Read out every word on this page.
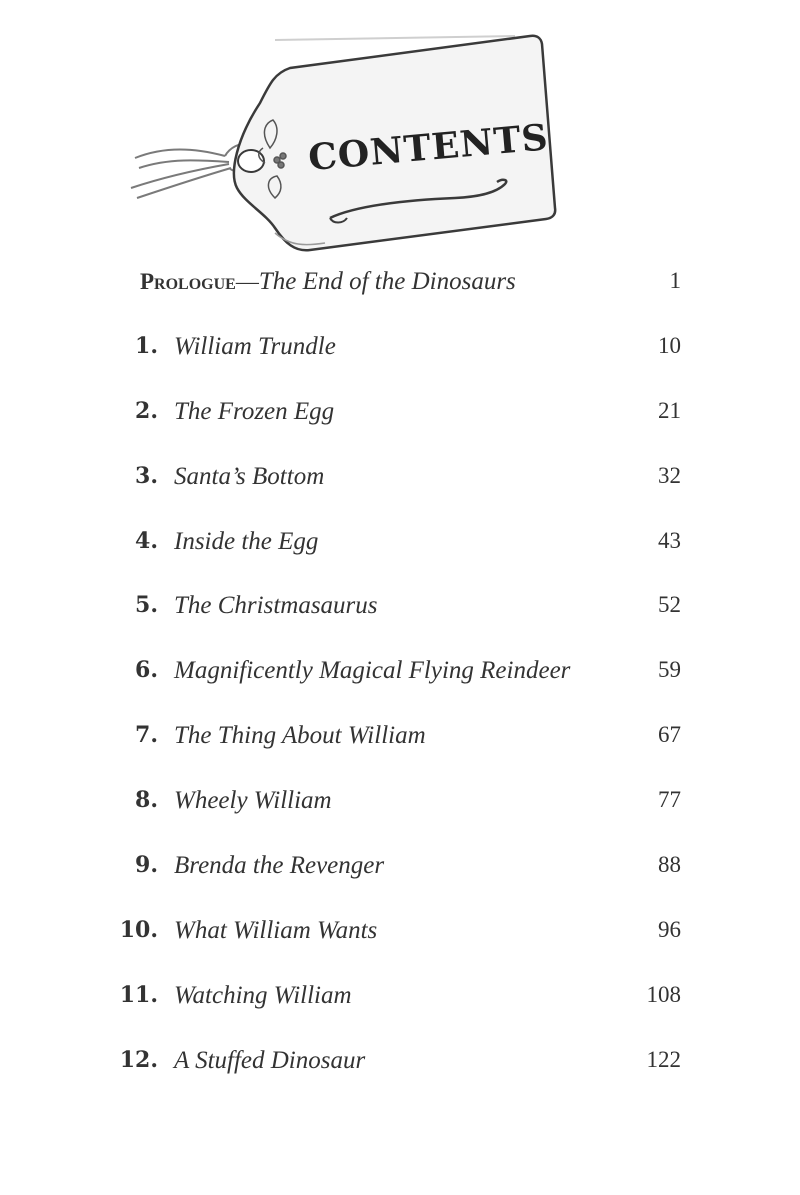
CONTENTS
Prologue—The End of the Dinosaurs	1
1. William Trundle	10
2. The Frozen Egg	21
3. Santa’s Bottom	32
4. Inside the Egg	43
5. The Christmasaurus	52
6. Magnificently Magical Flying Reindeer	59
7. The Thing About William	67
8. Wheely William	77
9. Brenda the Revenger	88
10. What William Wants	96
11. Watching William	108
12. A Stuffed Dinosaur	122
